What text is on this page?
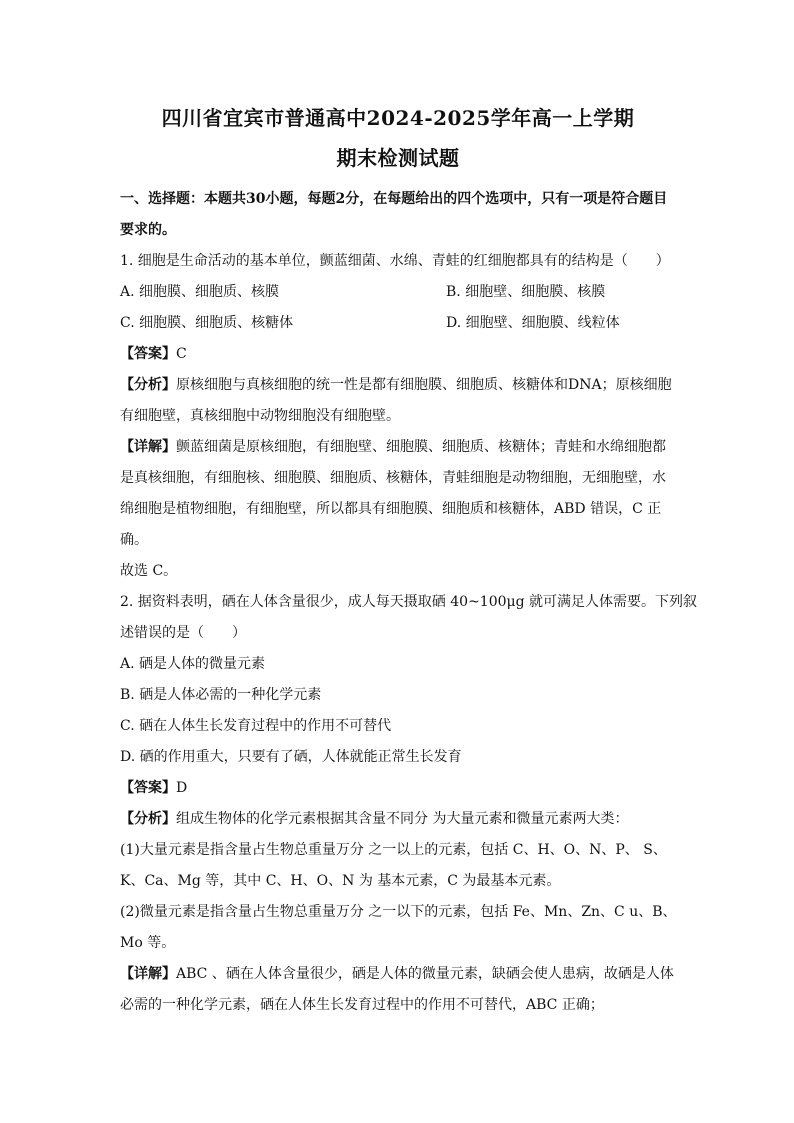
四川省宜宾市普通高中2024-2025学年高一上学期

期末检测试题

一、选择题：本题共30小题，每题2分，在每题给出的四个选项中，只有一项是符合题目

要求的。

1. 细胞是生命活动的基本单位，颤蓝细菌、水绵、青蛙的红细胞都具有的结构是（　　）

A. 细胞膜、细胞质、核膜	B. 细胞壁、细胞膜、核膜
C. 细胞膜、细胞质、核糖体	D. 细胞壁、细胞膜、线粒体

【答案】C

【分析】原核细胞与真核细胞的统一性是都有细胞膜、细胞质、核糖体和DNA；原核细胞

有细胞壁，真核细胞中动物细胞没有细胞壁。

【详解】颤蓝细菌是原核细胞，有细胞壁、细胞膜、细胞质、核糖体；青蛙和水绵细胞都

是真核细胞，有细胞核、细胞膜、细胞质、核糖体，青蛙细胞是动物细胞，无细胞壁，水

绵细胞是植物细胞，有细胞壁，所以都具有细胞膜、细胞质和核糖体，ABD 错误，C 正

确。

故选 C。

2. 据资料表明，硒在人体含量很少，成人每天摄取硒 40~100μg 就可满足人体需要。下列叙

述错误的是（　　）

A. 硒是人体的微量元素

B. 硒是人体必需的一种化学元素

C. 硒在人体生长发育过程中的作用不可替代

D. 硒的作用重大，只要有了硒，人体就能正常生长发育

【答案】D

【分析】组成生物体的化学元素根据其含量不同分 为大量元素和微量元素两大类：

(1)大量元素是指含量占生物总重量万分 之一以上的元素，包括 C、H、O、N、P、 S、

K、Ca、Mg 等，其中 C、H、O、N 为 基本元素，C 为最基本元素。

(2)微量元素是指含量占生物总重量万分 之一以下的元素，包括 Fe、Mn、Zn、C u、B、

Mo 等。

【详解】ABC 、硒在人体含量很少，硒是人体的微量元素，缺硒会使人患病，故硒是人体

必需的一种化学元素，硒在人体生长发育过程中的作用不可替代，ABC 正确；
